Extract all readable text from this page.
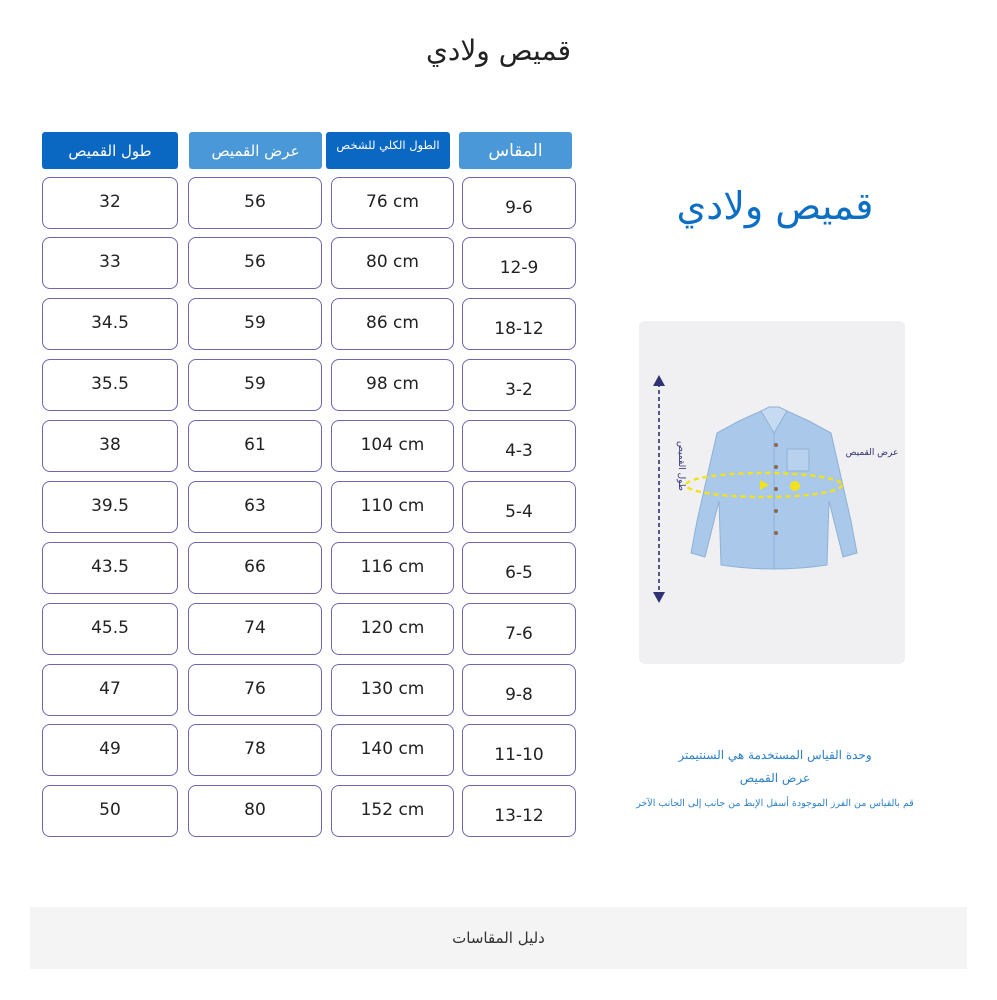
قميص ولادي
طول القميص	عرض القميص	الطول الكلي للشخص	المقاس
32	56	76 cm	9-6
33	56	80 cm	12-9
34.5	59	86 cm	18-12
35.5	59	98 cm	3-2
38	61	104 cm	4-3
39.5	63	110 cm	5-4
43.5	66	116 cm	6-5
45.5	74	120 cm	7-6
47	76	130 cm	9-8
49	78	140 cm	11-10
50	80	152 cm	13-12
قميص ولادي
طول القميص	عرض القميص
وحدة القياس المستخدمة هي السنتيمتر
عرض القميص
قم بالقياس من الفرز الموجودة أسفل الإبط من جانب إلى الجانب الآخر
دليل المقاسات
